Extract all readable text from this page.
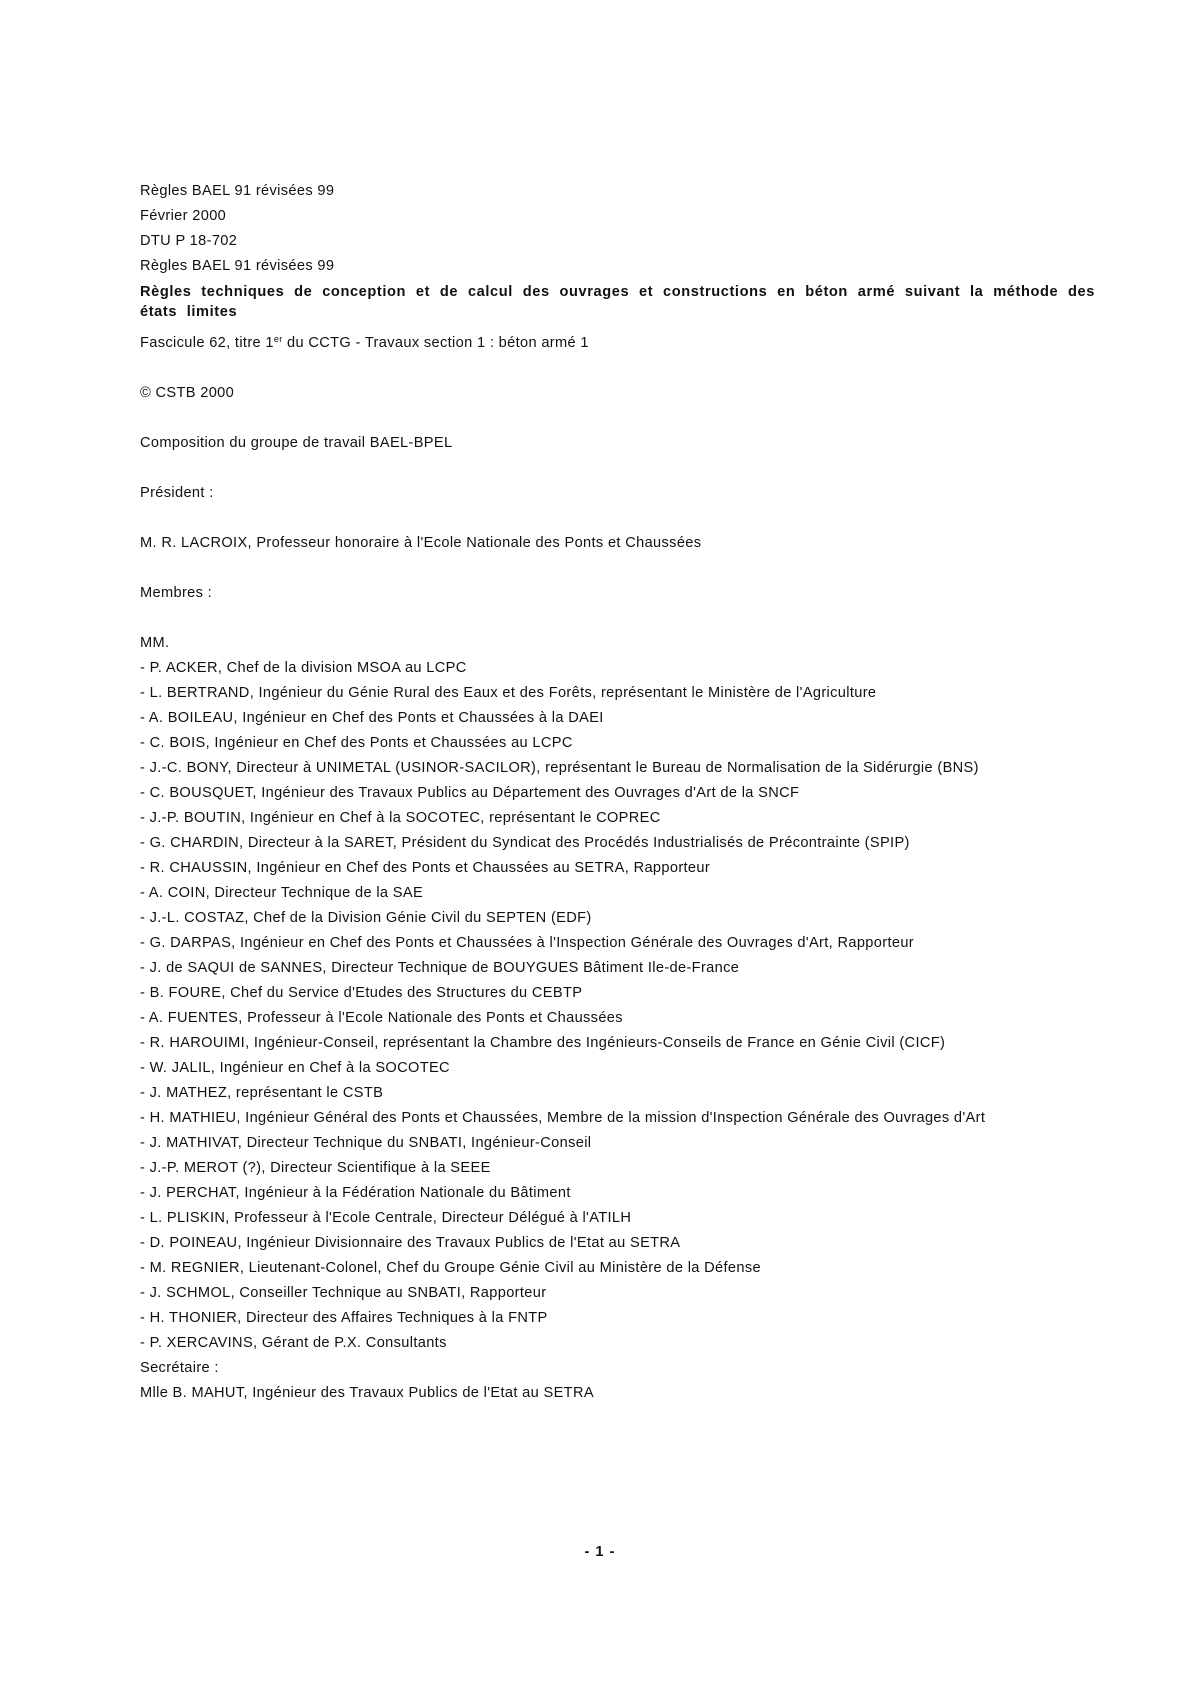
Règles BAEL 91 révisées 99
Février 2000
DTU P 18-702
Règles BAEL 91 révisées 99
Règles techniques de conception et de calcul des ouvrages et constructions en béton armé suivant la méthode des états limites
Fascicule 62, titre 1er du CCTG - Travaux section 1 : béton armé 1
© CSTB 2000
Composition du groupe de travail BAEL-BPEL
Président :
M. R. LACROIX, Professeur honoraire à l'Ecole Nationale des Ponts et Chaussées
Membres :
MM.
- P. ACKER, Chef de la division MSOA au LCPC
- L. BERTRAND, Ingénieur du Génie Rural des Eaux et des Forêts, représentant le Ministère de l'Agriculture
- A. BOILEAU, Ingénieur en Chef des Ponts et Chaussées à la DAEI
- C. BOIS, Ingénieur en Chef des Ponts et Chaussées au LCPC
- J.-C. BONY, Directeur à UNIMETAL (USINOR-SACILOR), représentant le Bureau de Normalisation de la Sidérurgie (BNS)
- C. BOUSQUET, Ingénieur des Travaux Publics au Département des Ouvrages d'Art de la SNCF
- J.-P. BOUTIN, Ingénieur en Chef à la SOCOTEC, représentant le COPREC
- G. CHARDIN, Directeur à la SARET, Président du Syndicat des Procédés Industrialisés de Précontrainte (SPIP)
- R. CHAUSSIN, Ingénieur en Chef des Ponts et Chaussées au SETRA, Rapporteur
- A. COIN, Directeur Technique de la SAE
- J.-L. COSTAZ, Chef de la Division Génie Civil du SEPTEN (EDF)
- G. DARPAS, Ingénieur en Chef des Ponts et Chaussées à l'Inspection Générale des Ouvrages d'Art, Rapporteur
- J. de SAQUI de SANNES, Directeur Technique de BOUYGUES Bâtiment Ile-de-France
- B. FOURE, Chef du Service d'Etudes des Structures du CEBTP
- A. FUENTES, Professeur à l'Ecole Nationale des Ponts et Chaussées
- R. HAROUIMI, Ingénieur-Conseil, représentant la Chambre des Ingénieurs-Conseils de France en Génie Civil (CICF)
- W. JALIL, Ingénieur en Chef à la SOCOTEC
- J. MATHEZ, représentant le CSTB
- H. MATHIEU, Ingénieur Général des Ponts et Chaussées, Membre de la mission d'Inspection Générale des Ouvrages d'Art
- J. MATHIVAT, Directeur Technique du SNBATI, Ingénieur-Conseil
- J.-P. MEROT (?), Directeur Scientifique à la SEEE
- J. PERCHAT, Ingénieur à la Fédération Nationale du Bâtiment
- L. PLISKIN, Professeur à l'Ecole Centrale, Directeur Délégué à l'ATILH
- D. POINEAU, Ingénieur Divisionnaire des Travaux Publics de l'Etat au SETRA
- M. REGNIER, Lieutenant-Colonel, Chef du Groupe Génie Civil au Ministère de la Défense
- J. SCHMOL, Conseiller Technique au SNBATI, Rapporteur
- H. THONIER, Directeur des Affaires Techniques à la FNTP
- P. XERCAVINS, Gérant de P.X. Consultants
Secrétaire :
Mlle B. MAHUT, Ingénieur des Travaux Publics de l'Etat au SETRA
- 1 -
